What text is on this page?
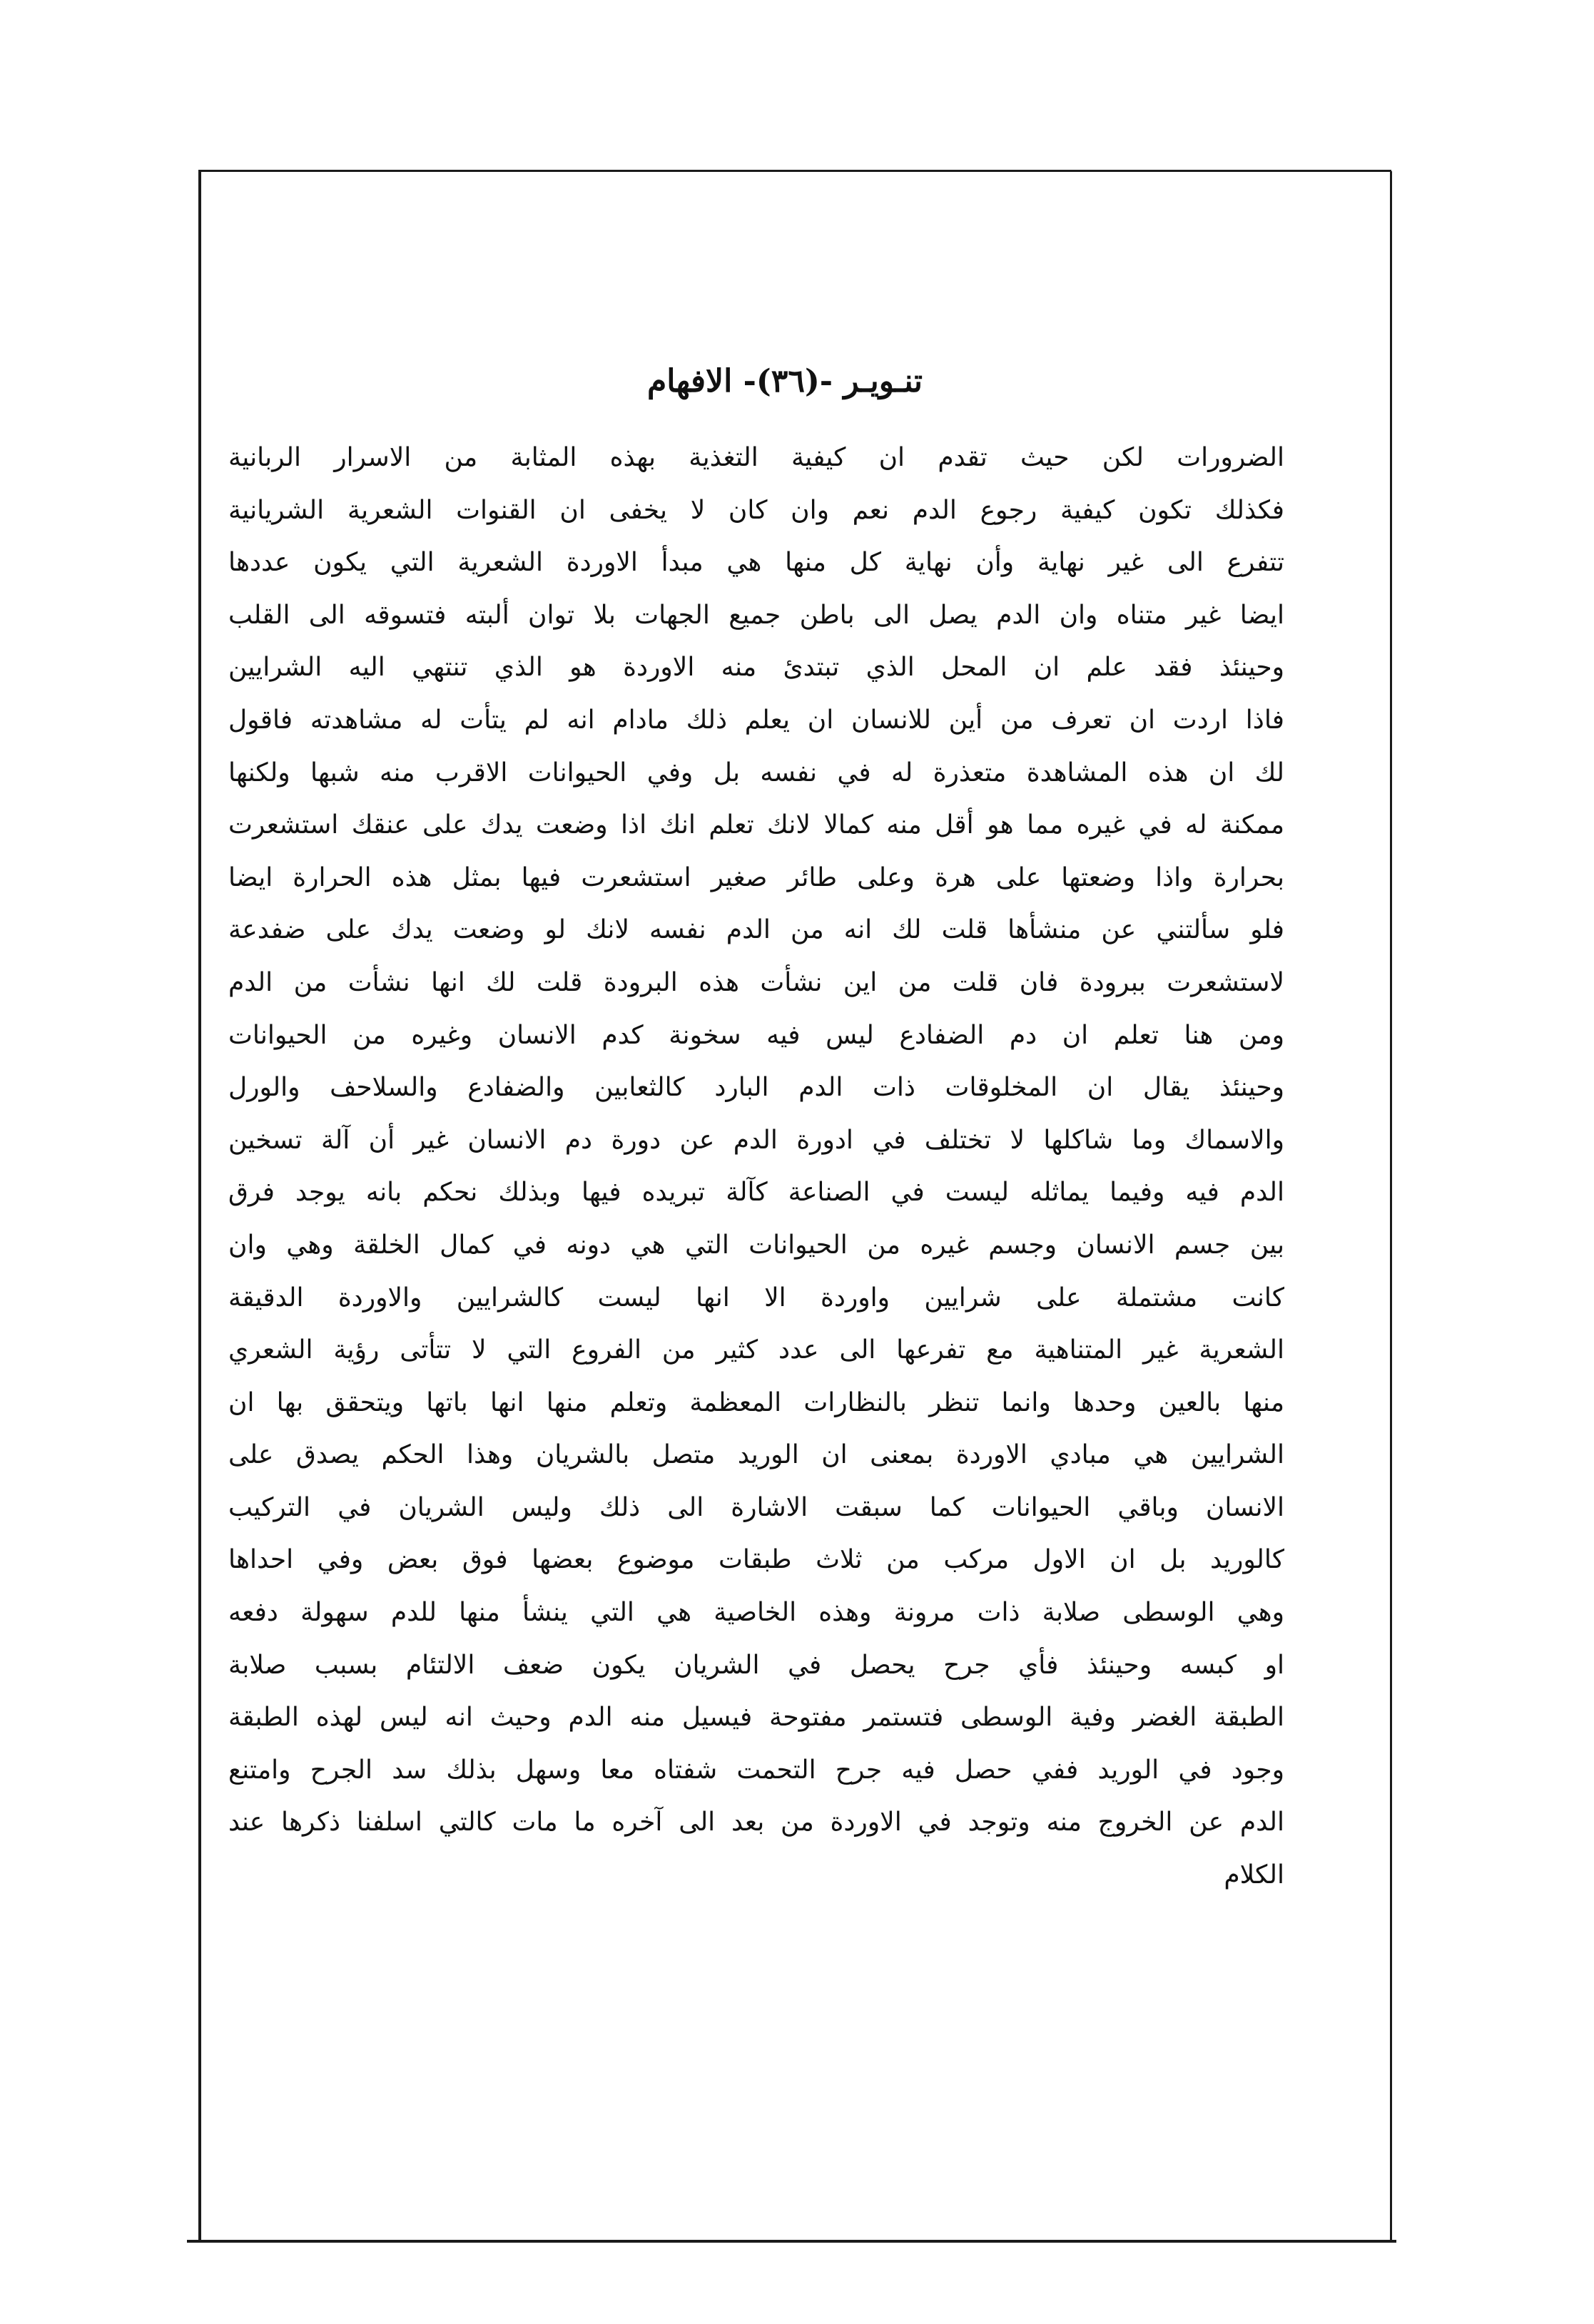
تنـويـر -(٣٦)- الافهام
الضرورات لكن حيث تقدم ان كيفية التغذية بهذه المثابة من الاسرار الربانية
فكذلك تكون كيفية رجوع الدم نعم وان كان لا يخفى ان القنوات الشعرية الشريانية
تتفرع الى غير نهاية وأن نهاية كل منها هي مبدأ الاوردة الشعرية التي يكون عددها
ايضا غير متناه وان الدم يصل الى باطن جميع الجهات بلا توان ألبته فتسوقه الى القلب
وحينئذ فقد علم ان المحل الذي تبتدئ منه الاوردة هو الذي تنتهي اليه الشرايين
فاذا اردت ان تعرف من أين للانسان ان يعلم ذلك مادام انه لم يتأت له مشاهدته فاقول
لك ان هذه المشاهدة متعذرة له في نفسه بل وفي الحيوانات الاقرب منه شبها ولكنها
ممكنة له في غيره مما هو أقل منه كمالا لانك تعلم انك اذا وضعت يدك على عنقك استشعرت
بحرارة واذا وضعتها على هرة وعلى طائر صغير استشعرت فيها بمثل هذه الحرارة ايضا
فلو سألتني عن منشأها قلت لك انه من الدم نفسه لانك لو وضعت يدك على ضفدعة
لاستشعرت ببرودة فان قلت من اين نشأت هذه البرودة قلت لك انها نشأت من الدم
ومن هنا تعلم ان دم الضفادع ليس فيه سخونة كدم الانسان وغيره من الحيوانات
وحينئذ يقال ان المخلوقات ذات الدم البارد كالثعابين والضفادع والسلاحف والورل
والاسماك وما شاكلها لا تختلف في ادورة الدم عن دورة دم الانسان غير أن آلة تسخين
الدم فيه وفيما يماثله ليست في الصناعة كآلة تبريده فيها وبذلك نحكم بانه يوجد فرق
بين جسم الانسان وجسم غيره من الحيوانات التي هي دونه في كمال الخلقة وهي وان
كانت مشتملة على شرايين واوردة الا انها ليست كالشرايين والاوردة الدقيقة
الشعرية غير المتناهية مع تفرعها الى عدد كثير من الفروع التي لا تتأتى رؤية الشعري
منها بالعين وحدها وانما تنظر بالنظارات المعظمة وتعلم منها انها باتها ويتحقق بها ان
الشرايين هي مبادي الاوردة بمعنى ان الوريد متصل بالشريان وهذا الحكم يصدق على
الانسان وباقي الحيوانات كما سبقت الاشارة الى ذلك وليس الشريان في التركيب
كالوريد بل ان الاول مركب من ثلاث طبقات موضوع بعضها فوق بعض وفي احداها
وهي الوسطى صلابة ذات مرونة وهذه الخاصية هي التي ينشأ منها للدم سهولة دفعه
او كبسه وحينئذ فأي جرح يحصل في الشريان يكون ضعف الالتئام بسبب صلابة
الطبقة الغضر وفية الوسطى فتستمر مفتوحة فيسيل منه الدم وحيث انه ليس لهذه الطبقة
وجود في الوريد ففي حصل فيه جرح التحمت شفتاه معا وسهل بذلك سد الجرح وامتنع
الدم عن الخروج منه وتوجد في الاوردة من بعد الى آخره ما مات كالتي اسلفنا ذكرها عند
الكلام
